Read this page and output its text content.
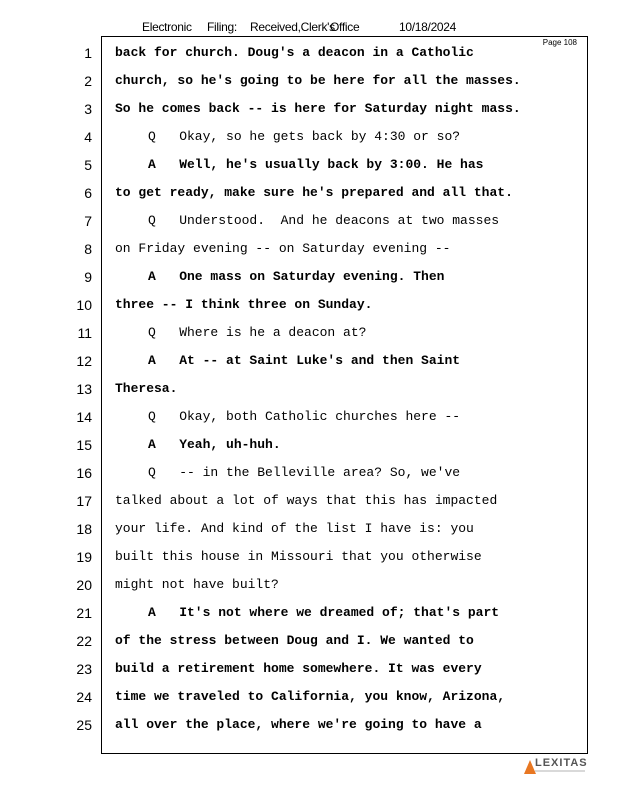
Electronic Filing: Received,Clerk's
Office	10/18/2024
Page 108
1
2
3
4
5
6
7
8
9
10
11
12
13
14
15
16
17
18
19
20
21
22
23
24
25
back for church. Doug's a deacon in a Catholic
church, so he's going to be here for all the masses.
So he comes back -- is here for Saturday night mass.
Q   Okay, so he gets back by 4:30 or so?
A   Well, he's usually back by 3:00. He has
to get ready, make sure he's prepared and all that.
Q   Understood.  And he deacons at two masses
on Friday evening -- on Saturday evening --
A   One mass on Saturday evening. Then
three -- I think three on Sunday.
Q   Where is he a deacon at?
A   At -- at Saint Luke's and then Saint
Theresa.
Q   Okay, both Catholic churches here --
A   Yeah, uh-huh.
Q   -- in the Belleville area? So, we've
talked about a lot of ways that this has impacted
your life. And kind of the list I have is: you
built this house in Missouri that you otherwise
might not have built?
A   It's not where we dreamed of; that's part
of the stress between Doug and I. We wanted to
build a retirement home somewhere. It was every
time we traveled to California, you know, Arizona,
all over the place, where we're going to have a
LEXITAS
